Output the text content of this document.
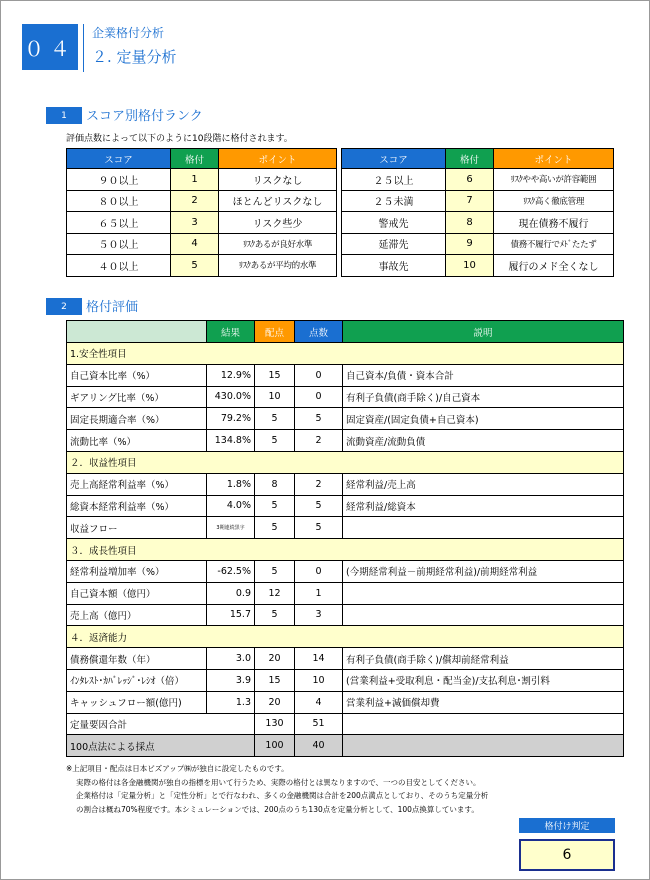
０４
企業格付分析
２. 定量分析
1	スコア別格付ランク
評価点数によって以下のように10段階に格付されます。
スコア	格付	ポイント
９０以上	1	リスクなし
８０以上	2	ほとんどリスクなし
６５以上	3	リスク些少
５０以上	4	ﾘｽｸあるが良好水準
４０以上	5	ﾘｽｸあるが平均的水準
スコア	格付	ポイント
２５以上	6	ﾘｽｸやや高いが許容範囲
２５未満	7	ﾘｽｸ高く徹底管理
警戒先	8	現在債務不履行
延滞先	9	債務不履行でﾒﾄﾞたたず
事故先	10	履行のメド全くなし
2	格付評価
	結果	配点	点数	説明
1.安全性項目				
自己資本比率（%）	12.9%	15	0	自己資本/負債・資本合計
ギアリング比率（%）	430.0%	10	0	有利子負債(商手除く)/自己資本
固定長期適合率（%）	79.2%	5	5	固定資産/(固定負債+自己資本)
流動比率（%）	134.8%	5	2	流動資産/流動負債
２．収益性項目				
売上高経常利益率（%）	1.8%	8	2	経常利益/売上高
総資本経常利益率（%）	4.0%	5	5	経常利益/総資本
収益フロー	3期連続黒字	5	5	
３．成長性項目				
経常利益増加率（%）	-62.5%	5	0	(今期経常利益－前期経常利益)/前期経常利益
自己資本額（億円）	0.9	12	1	
売上高（億円）	15.7	5	3	
４．返済能力				
債務償還年数（年）	3.0	20	14	有利子負債(商手除く)/償却前経常利益
ｲﾝﾀﾚｽﾄ･ｶﾊﾞﾚｯｼﾞ･ﾚｼｵ（倍）	3.9	15	10	(営業利益+受取利息・配当金)/支払利息･割引料
キャッシュフロー額(億円)	1.3	20	4	営業利益+減価償却費
定量要因合計		130	51	
100点法による採点		100	40	

※上記項目・配点は日本ビズアップ㈱が独自に設定したものです。

実際の格付は各金融機関が独自の指標を用いて行うため、実際の格付とは異なりますので、一つの目安としてください。

企業格付は「定量分析」と「定性分析」とで行なわれ、多くの金融機関は合計を200点満点としており、そのうち定量分析

の割合は概ね70%程度です。本シミュレーションでは、200点のうち130点を定量分析として、100点換算しています。

格付け判定
6
